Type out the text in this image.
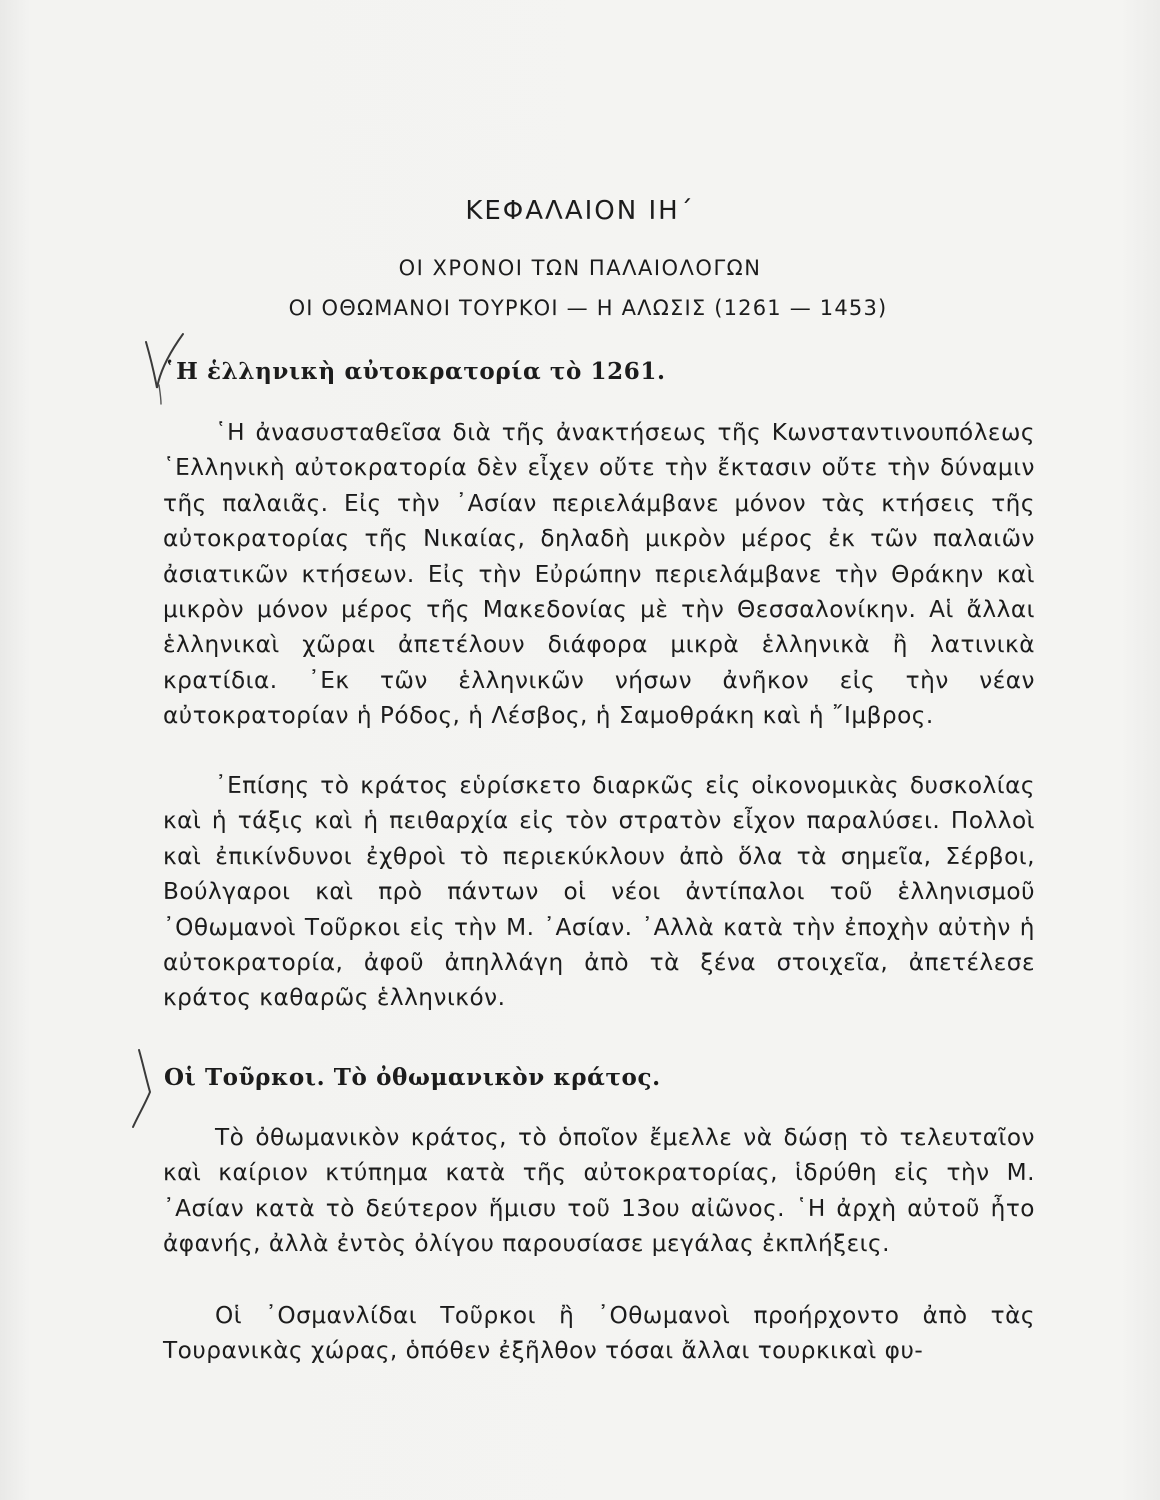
ΚΕΦΑΛΑΙΟΝ ΙΗ΄
ΟΙ ΧΡΟΝΟΙ ΤΩΝ ΠΑΛΑΙΟΛΟΓΩΝ
ΟΙ ΟΘΩΜΑΝΟΙ ΤΟΥΡΚΟΙ — Η ΑΛΩΣΙΣ (1261 — 1453)
῾Η ἑλληνικὴ αὐτοκρατορία τὸ 1261.

῾Η ἀνασυσταθεῖσα διὰ τῆς ἀνακτήσεως τῆς Κωνσταντινουπόλεως ῾Ελληνικὴ αὐτοκρατορία δὲν εἶχεν οὔτε τὴν ἔκτασιν οὔτε τὴν δύναμιν τῆς παλαιᾶς. Εἰς τὴν ᾿Ασίαν περιελάμβανε μόνον τὰς κτήσεις τῆς αὐτοκρατορίας τῆς Νικαίας, δηλαδὴ μικρὸν μέρος ἐκ τῶν παλαιῶν ἀσιατικῶν κτήσεων. Εἰς τὴν Εὐρώπην περιελάμβανε τὴν Θράκην καὶ μικρὸν μόνον μέρος τῆς Μακεδονίας μὲ τὴν Θεσσαλονίκην. Αἱ ἄλλαι ἑλληνικαὶ χῶραι ἀπετέλουν διάφορα μικρὰ ἑλληνικὰ ἢ λατινικὰ κρατίδια. ᾿Εκ τῶν ἑλληνικῶν νήσων ἀνῆκον εἰς τὴν νέαν αὐτοκρατορίαν ἡ Ρόδος, ἡ Λέσβος, ἡ Σαμοθράκη καὶ ἡ ῎Ιμβρος.

᾿Επίσης τὸ κράτος εὑρίσκετο διαρκῶς εἰς οἰκονομικὰς δυσκολίας καὶ ἡ τάξις καὶ ἡ πειθαρχία εἰς τὸν στρατὸν εἶχον παραλύσει. Πολλοὶ καὶ ἐπικίνδυνοι ἐχθροὶ τὸ περιεκύκλουν ἀπὸ ὅλα τὰ σημεῖα, Σέρβοι, Βούλγαροι καὶ πρὸ πάντων οἱ νέοι ἀντίπαλοι τοῦ ἑλληνισμοῦ ᾿Οθωμανοὶ Τοῦρκοι εἰς τὴν Μ. ᾿Ασίαν. ᾿Αλλὰ κατὰ τὴν ἐποχὴν αὐτὴν ἡ αὐτοκρατορία, ἀφοῦ ἀπηλλάγη ἀπὸ τὰ ξένα στοιχεῖα, ἀπετέλεσε κράτος καθαρῶς ἑλληνικόν.

Οἱ Τοῦρκοι. Τὸ ὀθωμανικὸν κράτος.

Τὸ ὀθωμανικὸν κράτος, τὸ ὁποῖον ἔμελλε νὰ δώσῃ τὸ τελευταῖον καὶ καίριον κτύπημα κατὰ τῆς αὐτοκρατορίας, ἱδρύθη εἰς τὴν Μ. ᾿Ασίαν κατὰ τὸ δεύτερον ἥμισυ τοῦ 13ου αἰῶνος. ῾Η ἀρχὴ αὐτοῦ ἦτο ἀφανής, ἀλλὰ ἐντὸς ὀλίγου παρουσίασε μεγάλας ἐκπλήξεις.

Οἱ ᾿Οσμανλίδαι Τοῦρκοι ἢ ᾿Οθωμανοὶ προήρχοντο ἀπὸ τὰς Τουρανικὰς χώρας, ὁπόθεν ἐξῆλθον τόσαι ἄλλαι τουρκικαὶ φυ-
